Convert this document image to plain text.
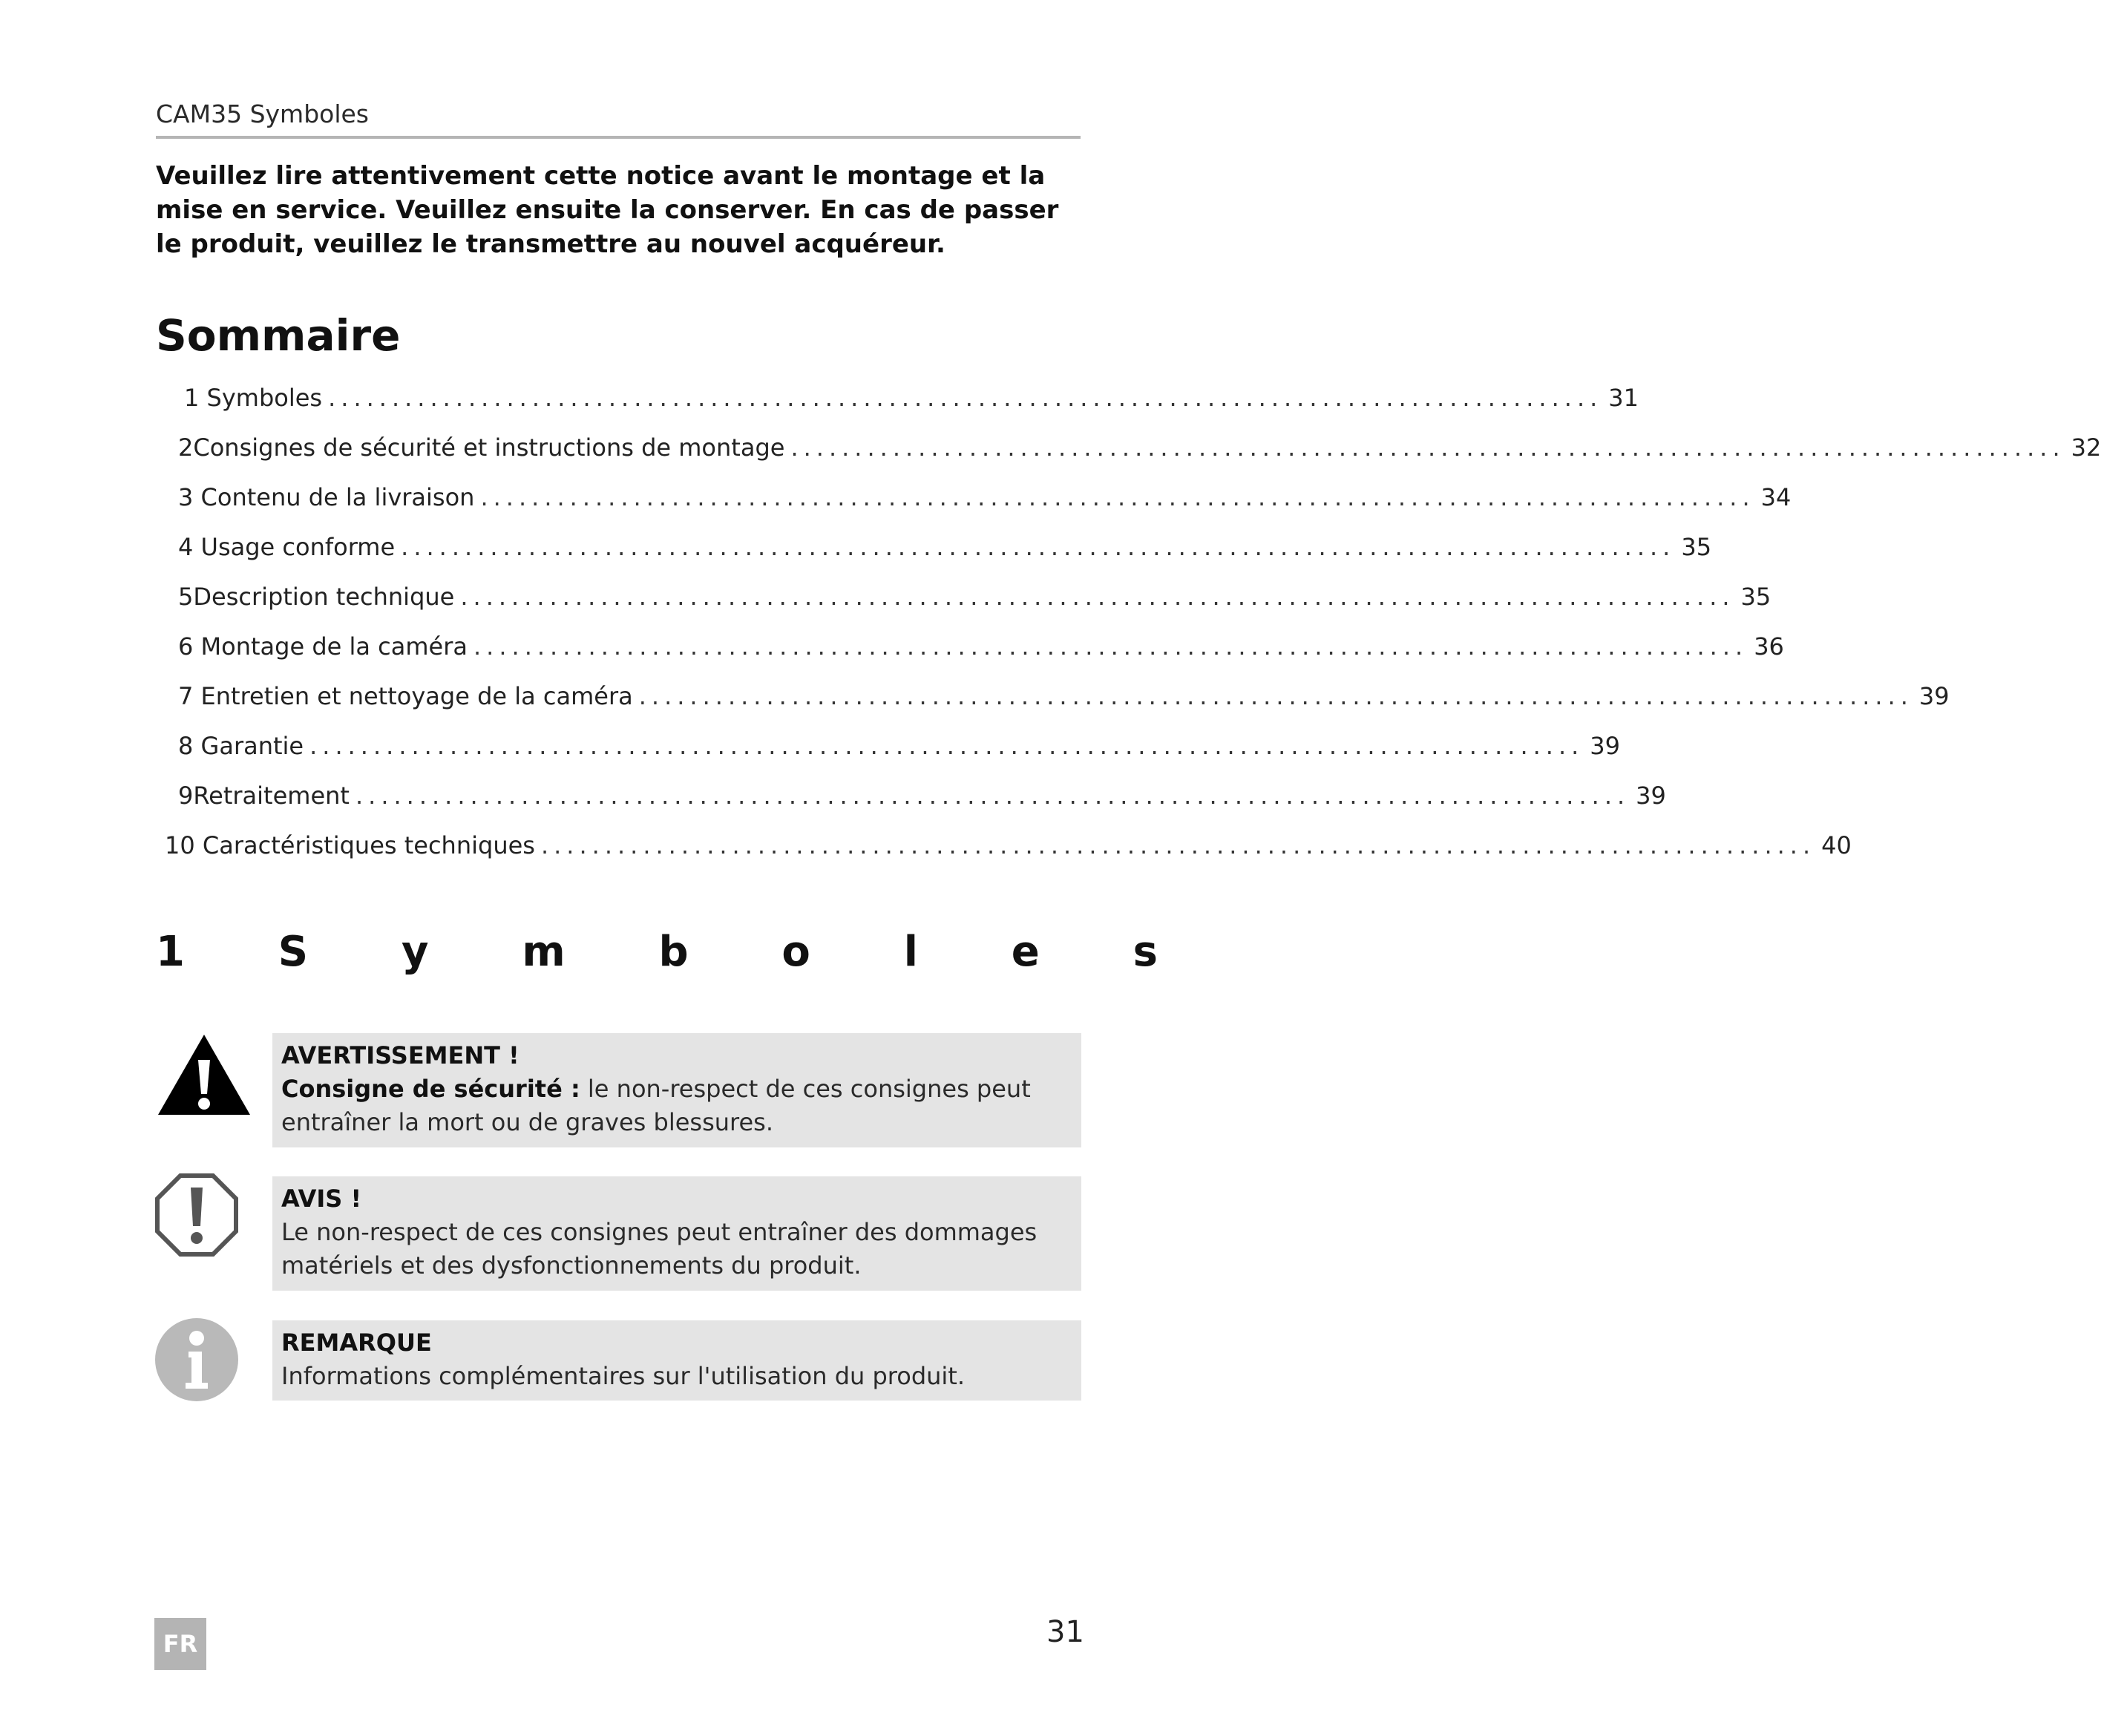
CAM35 Symboles
Veuillez lire attentivement cette notice avant le montage et la mise en service. Veuillez ensuite la conserver. En cas de passer le produit, veuillez le transmettre au nouvel acquéreur.
Sommaire
1
Symboles .................................................................................................... 31
2 Consignes de sécurité et instructions de montage .................................................................................................... 32
3
Contenu de la livraison .................................................................................................... 34
4
Usage conforme .................................................................................................... 35
5 Description technique .................................................................................................... 35
6
Montage de la caméra .................................................................................................... 36
7
Entretien et nettoyage de la caméra .................................................................................................... 39
8
Garantie .................................................................................................... 39
9 Retraitement .................................................................................................... 39
10
Caractéristiques techniques .................................................................................................... 40
1 S y m b o l e s
AVERTISSEMENT !
Consigne de sécurité : le non-respect de ces consignes peut entraîner la mort ou de graves blessures.
AVIS !
Le non-respect de ces consignes peut entraîner des dommages matériels et des dysfonctionnements du produit.
REMARQUE
Informations complémentaires sur l'utilisation du produit.
FR	31
